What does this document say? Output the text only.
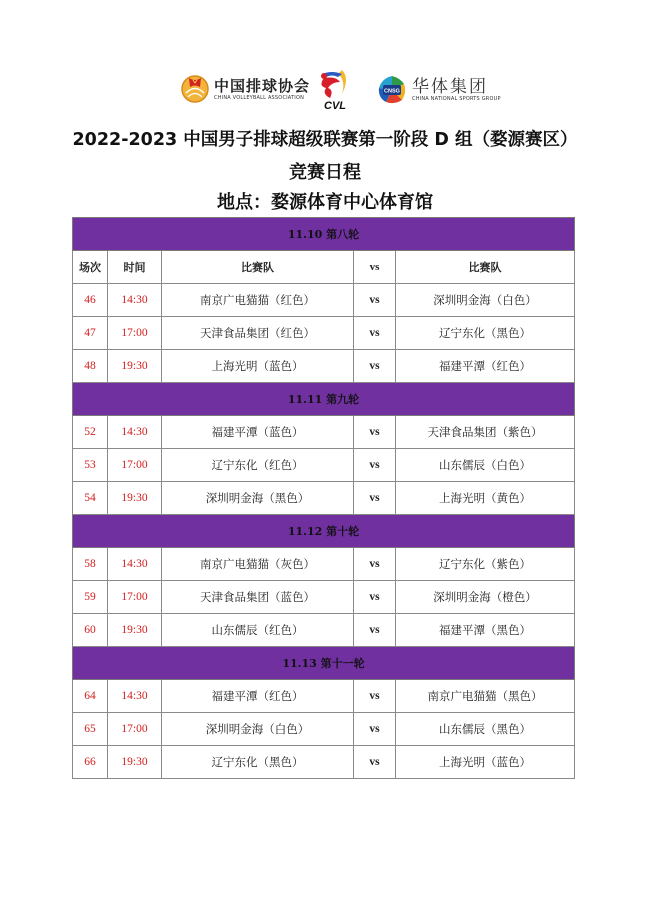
中国排球协会
CHINA VOLLEYBALL ASSOCIATION
CVL
CNSG 华体集团
CHINA NATIONAL SPORTS GROUP
2022-2023 中国男子排球超级联赛第一阶段 D 组（婺源赛区）
竞赛日程
地点：婺源体育中心体育馆
11.10 第八轮				
场次	时间	比赛队	vs	比赛队
46	14:30	南京广电猫猫（红色）	vs	深圳明金海（白色）
47	17:00	天津食品集团（红色）	vs	辽宁东化（黑色）
48	19:30	上海光明（蓝色）	vs	福建平潭（红色）
11.11 第九轮				
52	14:30	福建平潭（蓝色）	vs	天津食品集团（紫色）
53	17:00	辽宁东化（红色）	vs	山东儒辰（白色）
54	19:30	深圳明金海（黑色）	vs	上海光明（黄色）
11.12 第十轮				
58	14:30	南京广电猫猫（灰色）	vs	辽宁东化（紫色）
59	17:00	天津食品集团（蓝色）	vs	深圳明金海（橙色）
60	19:30	山东儒辰（红色）	vs	福建平潭（黑色）
11.13 第十一轮				
64	14:30	福建平潭（红色）	vs	南京广电猫猫（黑色）
65	17:00	深圳明金海（白色）	vs	山东儒辰（黑色）
66	19:30	辽宁东化（黑色）	vs	上海光明（蓝色）
